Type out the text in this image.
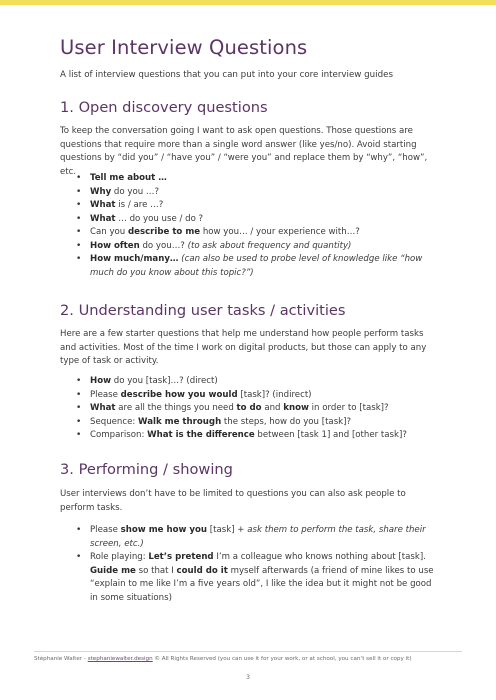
User Interview Questions

A list of interview questions that you can put into your core interview guides

1. Open discovery questions

To keep the conversation going I want to ask open questions. Those questions are questions that require more than a single word answer (like yes/no). Avoid starting questions by “did you” / “have you” / “were you” and replace them by “why”, “how”, etc.

• Tell me about …
• Why do you …?
• What is / are …?
• What … do you use / do ?
• Can you describe to me how you… / your experience with…?
• How often do you…? (to ask about frequency and quantity)
• How much/many… (can also be used to probe level of knowledge like “how much do you know about this topic?”)
2. Understanding user tasks / activities

Here are a few starter questions that help me understand how people perform tasks and activities. Most of the time I work on digital products, but those can apply to any type of task or activity.

• How do you [task]…? (direct)
• Please describe how you would [task]? (indirect)
• What are all the things you need to do and know in order to [task]?
• Sequence: Walk me through the steps, how do you [task]?
• Comparison: What is the difference between [task 1] and [other task]?
3. Performing / showing

User interviews don’t have to be limited to questions you can also ask people to perform tasks.

• Please show me how you [task] + ask them to perform the task, share their screen, etc.)
• Role playing: Let’s pretend I’m a colleague who knows nothing about [task]. Guide me so that I could do it myself afterwards (a friend of mine likes to use “explain to me like I’m a five years old”, I like the idea but it might not be good in some situations)
Stéphanie Walter - stephaniewalter.design © All Rights Reserved (you can use it for your work, or at school, you can’t sell it or copy it)
3
